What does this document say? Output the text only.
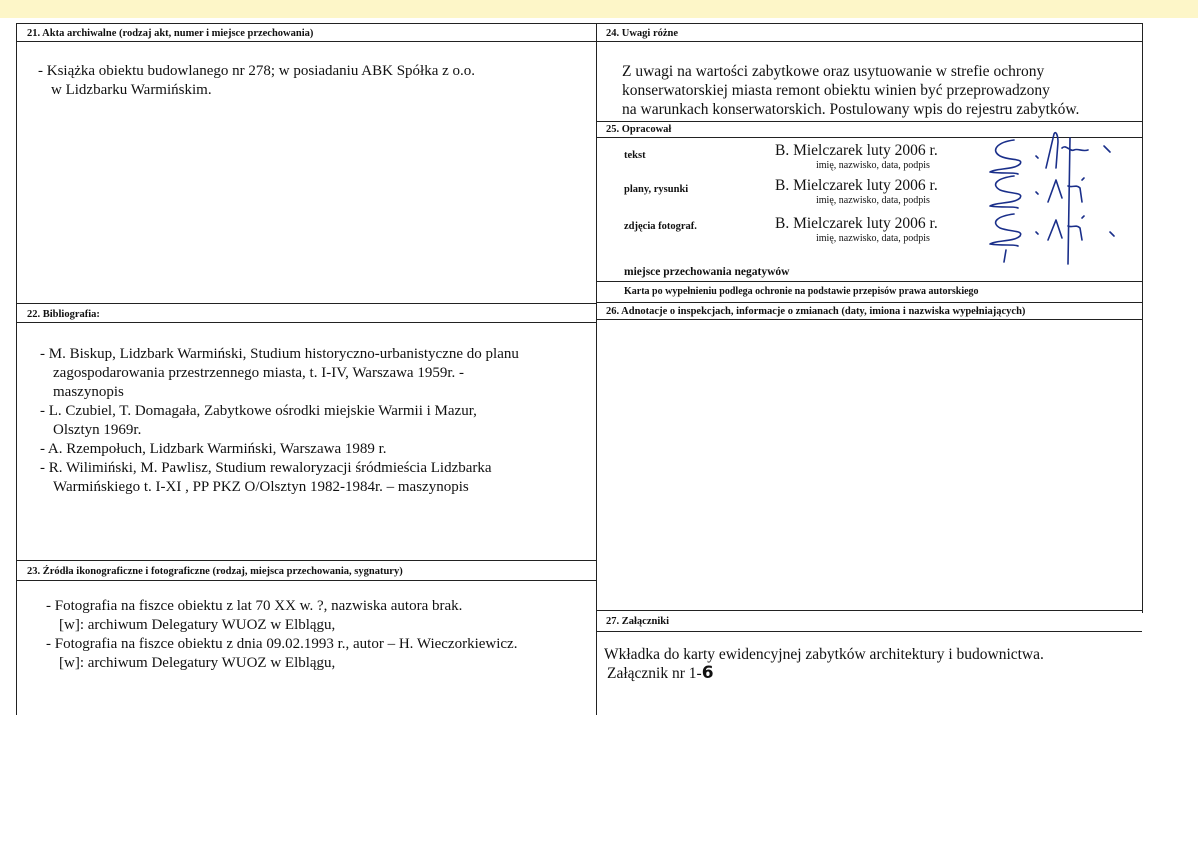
21. Akta archiwalne (rodzaj akt, numer i miejsce przechowania)
- Książka obiektu budowlanego nr 278; w posiadaniu ABK Spółka z o.o.
w Lidzbarku Warmińskim.
22. Bibliografia:
- M. Biskup, Lidzbark Warmiński, Studium historyczno-urbanistyczne do planu
zagospodarowania przestrzennego miasta, t. I-IV, Warszawa 1959r. -
maszynopis
- L. Czubiel, T. Domagała, Zabytkowe ośrodki miejskie Warmii i Mazur,
Olsztyn 1969r.
- A. Rzempołuch, Lidzbark Warmiński, Warszawa 1989 r.
- R. Wilimiński, M. Pawlisz, Studium rewaloryzacji śródmieścia Lidzbarka
Warmińskiego t. I-XI , PP PKZ O/Olsztyn 1982-1984r. – maszynopis
23. Źródła ikonograficzne i fotograficzne (rodzaj, miejsca przechowania, sygnatury)
- Fotografia na fiszce obiektu z lat 70 XX w. ?, nazwiska autora brak.
[w]: archiwum Delegatury WUOZ w Elblągu,
- Fotografia na fiszce obiektu z dnia 09.02.1993 r., autor – H. Wieczorkiewicz.
[w]: archiwum Delegatury WUOZ w Elblągu,
24. Uwagi różne
Z uwagi na wartości zabytkowe oraz usytuowanie w strefie ochrony
konserwatorskiej miasta remont obiektu winien być przeprowadzony
na warunkach konserwatorskich. Postulowany wpis do rejestru zabytków.
25. Opracował
tekst	B. Mielczarek luty 2006 r.
imię, nazwisko, data, podpis
plany, rysunki	B. Mielczarek luty 2006 r.
imię, nazwisko, data, podpis
zdjęcia fotograf.	B. Mielczarek luty 2006 r.
imię, nazwisko, data, podpis
miejsce przechowania negatywów
Karta po wypełnieniu podlega ochronie na podstawie przepisów prawa autorskiego
26. Adnotacje o inspekcjach, informacje o zmianach (daty, imiona i nazwiska wypełniających)
27. Załączniki
Wkładka do karty ewidencyjnej zabytków architektury i budownictwa.
Załącznik nr 1-6
